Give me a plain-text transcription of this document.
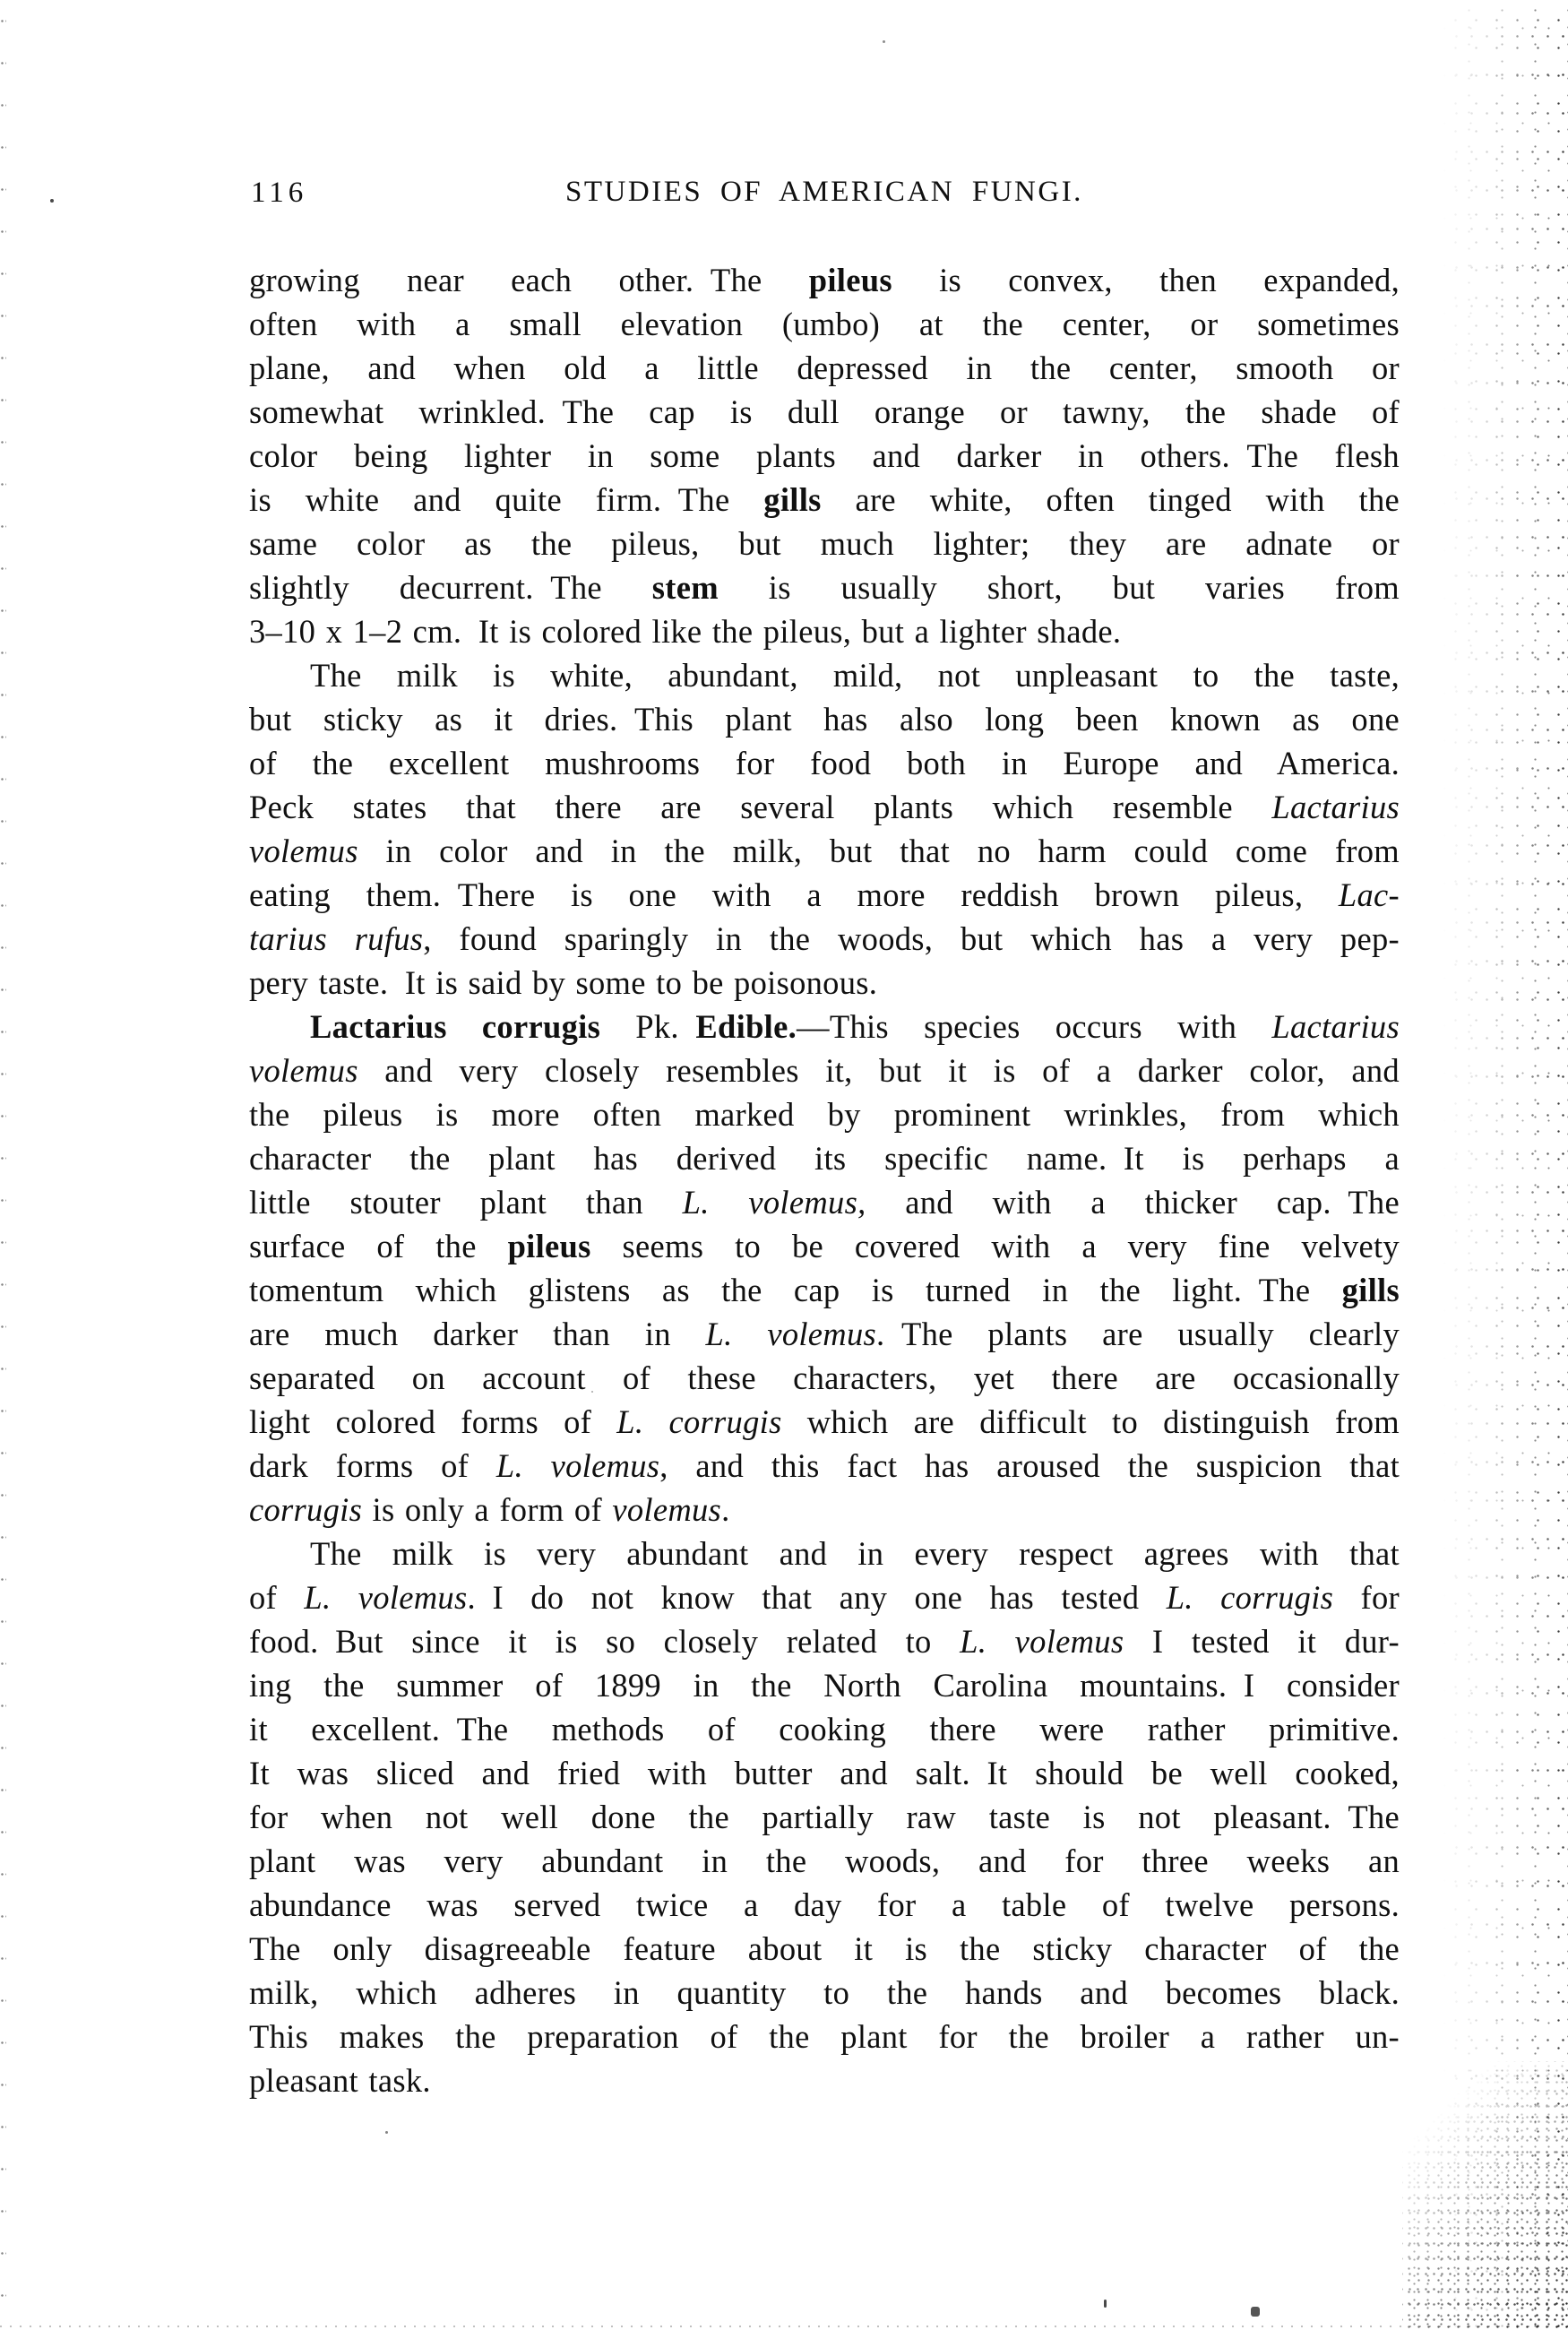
116	STUDIES OF AMERICAN FUNGI.
growing near each other. The pileus is convex, then expanded,
often with a small elevation (umbo) at the center, or sometimes
plane, and when old a little depressed in the center, smooth or
somewhat wrinkled. The cap is dull orange or tawny, the shade of
color being lighter in some plants and darker in others. The flesh
is white and quite firm. The gills are white, often tinged with the
same color as the pileus, but much lighter; they are adnate or
slightly decurrent. The stem is usually short, but varies from
3–10 x 1–2 cm. It is colored like the pileus, but a lighter shade.
The milk is white, abundant, mild, not unpleasant to the taste,
but sticky as it dries. This plant has also long been known as one
of the excellent mushrooms for food both in Europe and America.
Peck states that there are several plants which resemble Lactarius
volemus in color and in the milk, but that no harm could come from
eating them. There is one with a more reddish brown pileus, Lac-
tarius rufus, found sparingly in the woods, but which has a very pep-
pery taste. It is said by some to be poisonous.
Lactarius corrugis Pk. Edible.—This species occurs with Lactarius
volemus and very closely resembles it, but it is of a darker color, and
the pileus is more often marked by prominent wrinkles, from which
character the plant has derived its specific name. It is perhaps a
little stouter plant than L. volemus, and with a thicker cap. The
surface of the pileus seems to be covered with a very fine velvety
tomentum which glistens as the cap is turned in the light. The gills
are much darker than in L. volemus. The plants are usually clearly
separated on account of these characters, yet there are occasionally
light colored forms of L. corrugis which are difficult to distinguish from
dark forms of L. volemus, and this fact has aroused the suspicion that
corrugis is only a form of volemus.
The milk is very abundant and in every respect agrees with that
of L. volemus. I do not know that any one has tested L. corrugis for
food. But since it is so closely related to L. volemus I tested it dur-
ing the summer of 1899 in the North Carolina mountains. I consider
it excellent. The methods of cooking there were rather primitive.
It was sliced and fried with butter and salt. It should be well cooked,
for when not well done the partially raw taste is not pleasant. The
plant was very abundant in the woods, and for three weeks an
abundance was served twice a day for a table of twelve persons.
The only disagreeable feature about it is the sticky character of the
milk, which adheres in quantity to the hands and becomes black.
This makes the preparation of the plant for the broiler a rather un-
pleasant task.
